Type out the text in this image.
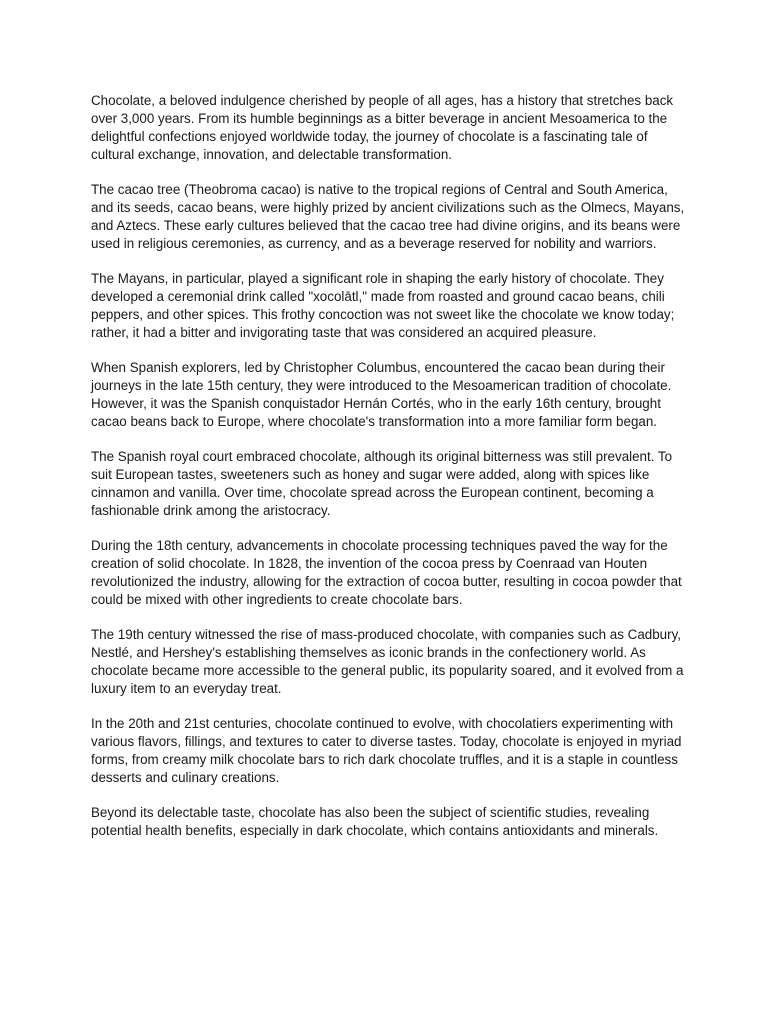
Chocolate, a beloved indulgence cherished by people of all ages, has a history that stretches back over 3,000 years. From its humble beginnings as a bitter beverage in ancient Mesoamerica to the delightful confections enjoyed worldwide today, the journey of chocolate is a fascinating tale of cultural exchange, innovation, and delectable transformation.

The cacao tree (Theobroma cacao) is native to the tropical regions of Central and South America, and its seeds, cacao beans, were highly prized by ancient civilizations such as the Olmecs, Mayans, and Aztecs. These early cultures believed that the cacao tree had divine origins, and its beans were used in religious ceremonies, as currency, and as a beverage reserved for nobility and warriors.

The Mayans, in particular, played a significant role in shaping the early history of chocolate. They developed a ceremonial drink called "xocolātl," made from roasted and ground cacao beans, chili peppers, and other spices. This frothy concoction was not sweet like the chocolate we know today; rather, it had a bitter and invigorating taste that was considered an acquired pleasure.

When Spanish explorers, led by Christopher Columbus, encountered the cacao bean during their journeys in the late 15th century, they were introduced to the Mesoamerican tradition of chocolate. However, it was the Spanish conquistador Hernán Cortés, who in the early 16th century, brought cacao beans back to Europe, where chocolate's transformation into a more familiar form began.

The Spanish royal court embraced chocolate, although its original bitterness was still prevalent. To suit European tastes, sweeteners such as honey and sugar were added, along with spices like cinnamon and vanilla. Over time, chocolate spread across the European continent, becoming a fashionable drink among the aristocracy.

During the 18th century, advancements in chocolate processing techniques paved the way for the creation of solid chocolate. In 1828, the invention of the cocoa press by Coenraad van Houten revolutionized the industry, allowing for the extraction of cocoa butter, resulting in cocoa powder that could be mixed with other ingredients to create chocolate bars.

The 19th century witnessed the rise of mass-produced chocolate, with companies such as Cadbury, Nestlé, and Hershey's establishing themselves as iconic brands in the confectionery world. As chocolate became more accessible to the general public, its popularity soared, and it evolved from a luxury item to an everyday treat.

In the 20th and 21st centuries, chocolate continued to evolve, with chocolatiers experimenting with various flavors, fillings, and textures to cater to diverse tastes. Today, chocolate is enjoyed in myriad forms, from creamy milk chocolate bars to rich dark chocolate truffles, and it is a staple in countless desserts and culinary creations.

Beyond its delectable taste, chocolate has also been the subject of scientific studies, revealing potential health benefits, especially in dark chocolate, which contains antioxidants and minerals.
